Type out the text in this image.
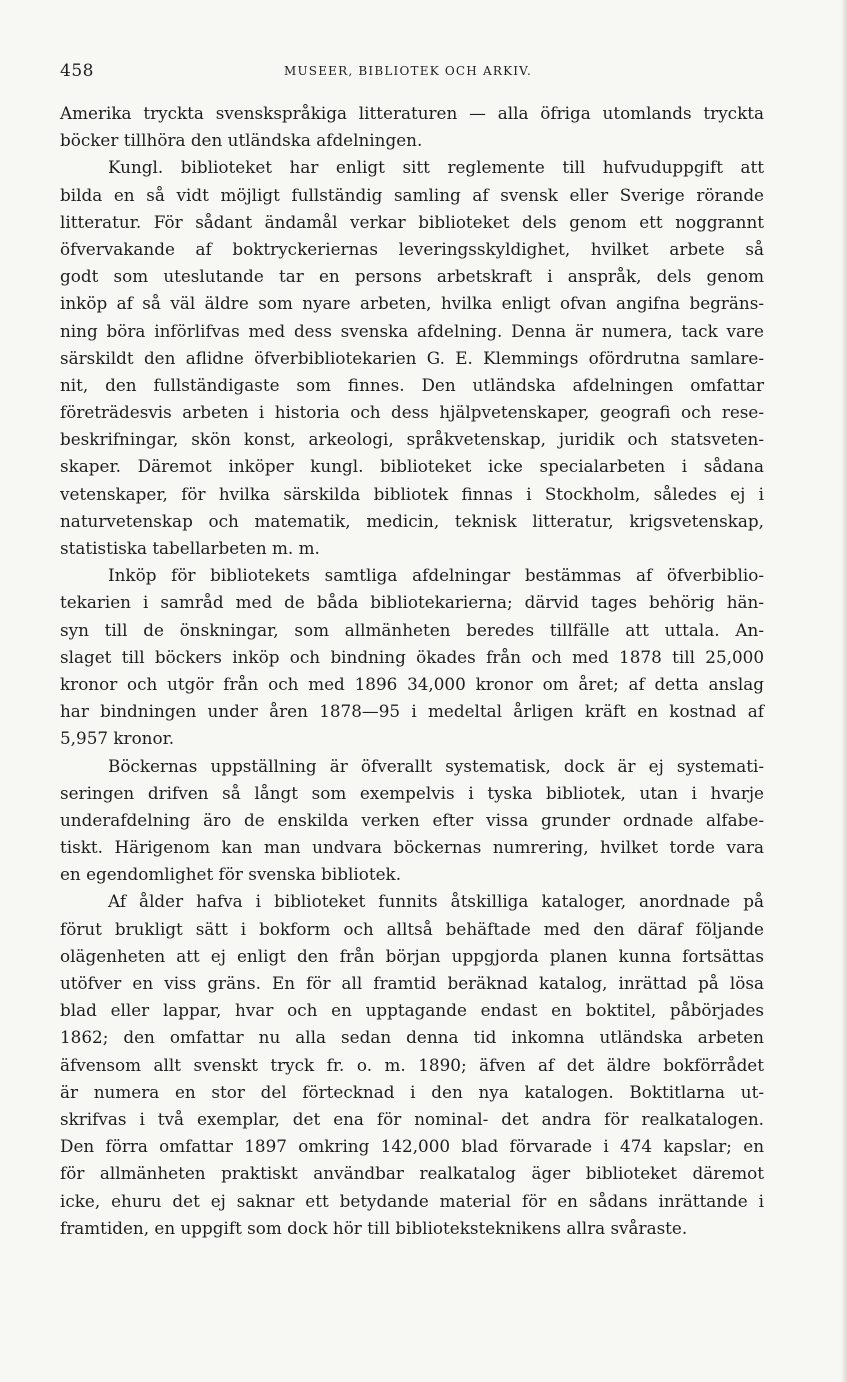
458	MUSEER, BIBLIOTEK OCH ARKIV.
Amerika tryckta svenskspråkiga litteraturen — alla öfriga utomlands tryckta
böcker tillhöra den utländska afdelningen.
Kungl. biblioteket har enligt sitt reglemente till hufvuduppgift att
bilda en så vidt möjligt fullständig samling af svensk eller Sverige rörande
litteratur. För sådant ändamål verkar biblioteket dels genom ett noggrannt
öfvervakande af boktryckeriernas leveringsskyldighet, hvilket arbete så
godt som uteslutande tar en persons arbetskraft i anspråk, dels genom
inköp af så väl äldre som nyare arbeten, hvilka enligt ofvan angifna begräns-
ning böra införlifvas med dess svenska afdelning. Denna är numera, tack vare
särskildt den aflidne öfverbibliotekarien G. E. Klemmings ofördrutna samlare-
nit, den fullständigaste som finnes. Den utländska afdelningen omfattar
företrädesvis arbeten i historia och dess hjälpvetenskaper, geografi och rese-
beskrifningar, skön konst, arkeologi, språkvetenskap, juridik och statsveten-
skaper. Däremot inköper kungl. biblioteket icke specialarbeten i sådana
vetenskaper, för hvilka särskilda bibliotek finnas i Stockholm, således ej i
naturvetenskap och matematik, medicin, teknisk litteratur, krigsvetenskap,
statistiska tabellarbeten m. m.
Inköp för bibliotekets samtliga afdelningar bestämmas af öfverbiblio-
tekarien i samråd med de båda bibliotekarierna; därvid tages behörig hän-
syn till de önskningar, som allmänheten beredes tillfälle att uttala. An-
slaget till böckers inköp och bindning ökades från och med 1878 till 25,000
kronor och utgör från och med 1896 34,000 kronor om året; af detta anslag
har bindningen under åren 1878—95 i medeltal årligen kräft en kostnad af
5,957 kronor.
Böckernas uppställning är öfverallt systematisk, dock är ej systemati-
seringen drifven så långt som exempelvis i tyska bibliotek, utan i hvarje
underafdelning äro de enskilda verken efter vissa grunder ordnade alfabe-
tiskt. Härigenom kan man undvara böckernas numrering, hvilket torde vara
en egendomlighet för svenska bibliotek.
Af ålder hafva i biblioteket funnits åtskilliga kataloger, anordnade på
förut brukligt sätt i bokform och alltså behäftade med den däraf följande
olägenheten att ej enligt den från början uppgjorda planen kunna fortsättas
utöfver en viss gräns. En för all framtid beräknad katalog, inrättad på lösa
blad eller lappar, hvar och en upptagande endast en boktitel, påbörjades
1862; den omfattar nu alla sedan denna tid inkomna utländska arbeten
äfvensom allt svenskt tryck fr. o. m. 1890; äfven af det äldre bokförrådet
är numera en stor del förtecknad i den nya katalogen. Boktitlarna ut-
skrifvas i två exemplar, det ena för nominal- det andra för realkatalogen.
Den förra omfattar 1897 omkring 142,000 blad förvarade i 474 kapslar; en
för allmänheten praktiskt användbar realkatalog äger biblioteket däremot
icke, ehuru det ej saknar ett betydande material för en sådans inrättande i
framtiden, en uppgift som dock hör till biblioteksteknikens allra svåraste.
